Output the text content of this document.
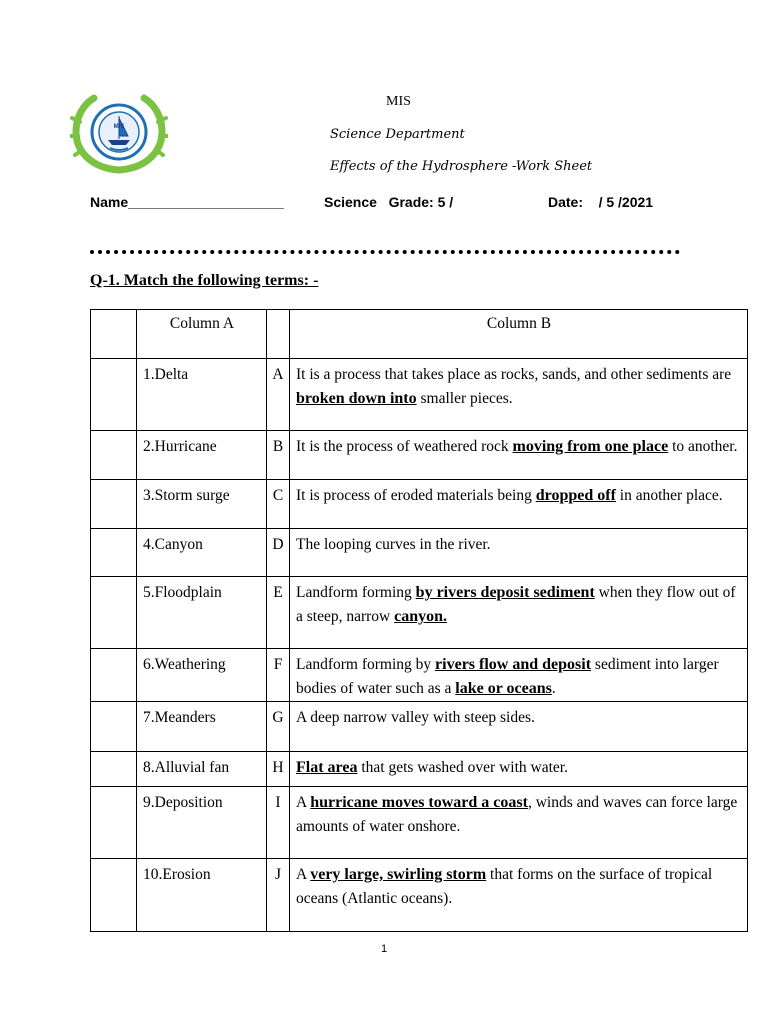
MIS
MIS
Science Department
Effects of the Hydrosphere -Work Sheet
Name____________________	Science   Grade: 5 /	Date:    / 5 /2021
Q-1. Match the following terms: -
	Column A		Column B
	1.Delta	A	It is a process that takes place as rocks, sands, and other sediments are broken down into smaller pieces.
	2.Hurricane	B	It is the process of weathered rock moving from one place to another.
	3.Storm surge	C	It is process of eroded materials being dropped off in another place.
	4.Canyon	D	The looping curves in the river.
	5.Floodplain	E	Landform forming by rivers deposit sediment when they flow out of a steep, narrow canyon.
	6.Weathering	F	Landform forming by rivers flow and deposit sediment into larger bodies of water such as a lake or oceans.
	7.Meanders	G	A deep narrow valley with steep sides.
	8.Alluvial fan	H	Flat area that gets washed over with water.
	9.Deposition	I	A hurricane moves toward a coast, winds and waves can force large amounts of water onshore.
	10.Erosion	J	A very large, swirling storm that forms on the surface of tropical oceans (Atlantic oceans).
1
